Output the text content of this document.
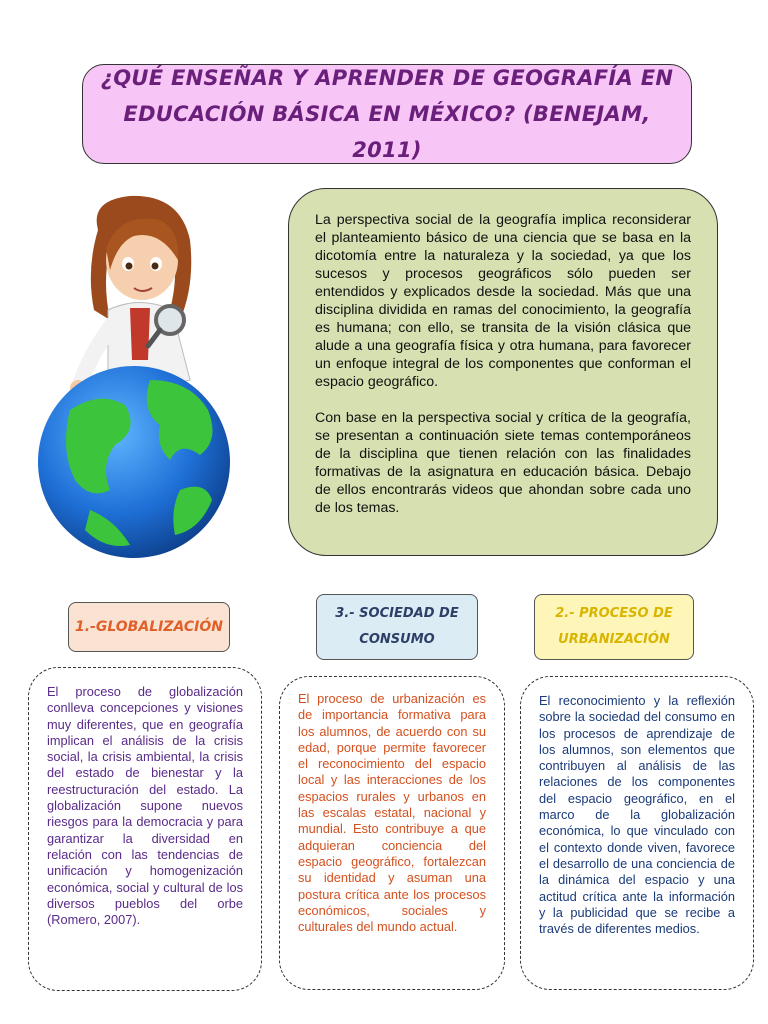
¿QUÉ ENSEÑAR Y APRENDER DE GEOGRAFÍA EN EDUCACIÓN BÁSICA EN MÉXICO? (BENEJAM, 2011)

La perspectiva social de la geografía implica reconsiderar el planteamiento básico de una ciencia que se basa en la dicotomía entre la naturaleza y la sociedad, ya que los sucesos y procesos geográficos sólo pueden ser entendidos y explicados desde la sociedad. Más que una disciplina dividida en ramas del conocimiento, la geografía es humana; con ello, se transita de la visión clásica que alude a una geografía física y otra humana, para favorecer un enfoque integral de los componentes que conforman el espacio geográfico.

Con base en la perspectiva social y crítica de la geografía, se presentan a continuación siete temas contemporáneos de la disciplina que tienen relación con las finalidades formativas de la asignatura en educación básica. Debajo de ellos encontrarás videos que ahondan sobre cada uno de los temas.

1.-GLOBALIZACIÓN
3.- SOCIEDAD DE CONSUMO
2.- PROCESO DE URBANIZACIÓN
El proceso de globalización conlleva concepciones y visiones muy diferentes, que en geografía implican el análisis de la crisis social, la crisis ambiental, la crisis del estado de bienestar y la reestructuración del estado. La globalización supone nuevos riesgos para la democracia y para garantizar la diversidad en relación con las tendencias de unificación y homogenización económica, social y cultural de los diversos pueblos del orbe (Romero, 2007).
El proceso de urbanización es de importancia formativa para los alumnos, de acuerdo con su edad, porque permite favorecer el reconocimiento del espacio local y las interacciones de los espacios rurales y urbanos en las escalas estatal, nacional y mundial. Esto contribuye a que adquieran conciencia del espacio geográfico, fortalezcan su identidad y asuman una postura crítica ante los procesos económicos, sociales y culturales del mundo actual.
El reconocimiento y la reflexión sobre la sociedad del consumo en los procesos de aprendizaje de los alumnos, son elementos que contribuyen al análisis de las relaciones de los componentes del espacio geográfico, en el marco de la globalización económica, lo que vinculado con el contexto donde viven, favorece el desarrollo de una conciencia de la dinámica del espacio y una actitud crítica ante la información y la publicidad que se recibe a través de diferentes medios.
